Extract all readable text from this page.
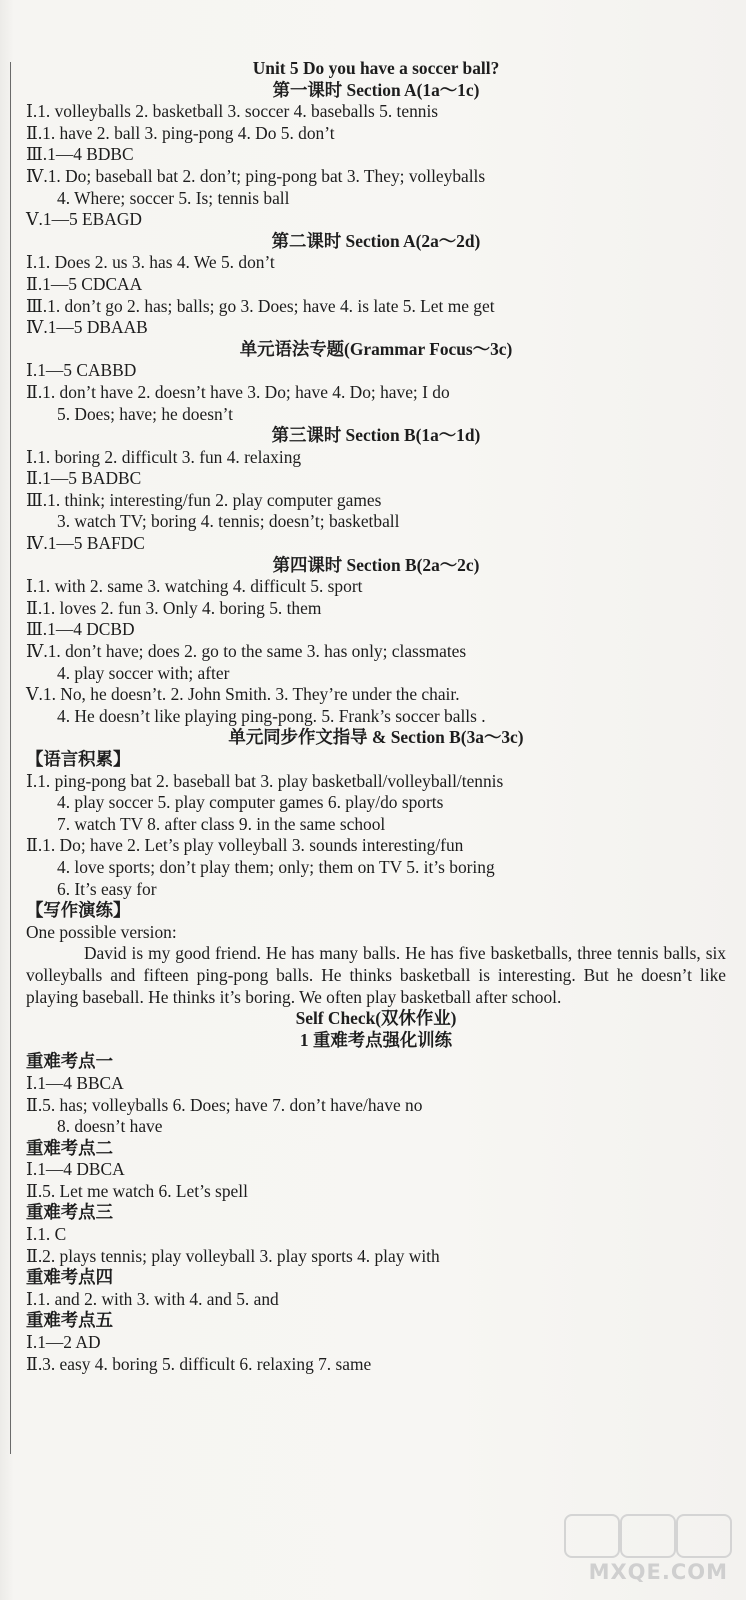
Unit 5 Do you have a soccer ball?
第一课时 Section A(1a～1c)
Ⅰ.1. volleyballs 2. basketball 3. soccer 4. baseballs 5. tennis
Ⅱ.1. have 2. ball 3. ping-pong 4. Do 5. don’t
Ⅲ.1—4 BDBC
Ⅳ.1. Do; baseball bat 2. don’t; ping-pong bat 3. They; volleyballs
4. Where; soccer 5. Is; tennis ball
Ⅴ.1—5 EBAGD
第二课时 Section A(2a～2d)
Ⅰ.1. Does 2. us 3. has 4. We 5. don’t
Ⅱ.1—5 CDCAA
Ⅲ.1. don’t go 2. has; balls; go 3. Does; have 4. is late 5. Let me get
Ⅳ.1—5 DBAAB
单元语法专题(Grammar Focus～3c)
Ⅰ.1—5 CABBD
Ⅱ.1. don’t have 2. doesn’t have 3. Do; have 4. Do; have; I do
5. Does; have; he doesn’t
第三课时 Section B(1a～1d)
Ⅰ.1. boring 2. difficult 3. fun 4. relaxing
Ⅱ.1—5 BADBC
Ⅲ.1. think; interesting/fun 2. play computer games
3. watch TV; boring 4. tennis; doesn’t; basketball
Ⅳ.1—5 BAFDC
第四课时 Section B(2a～2c)
Ⅰ.1. with 2. same 3. watching 4. difficult 5. sport
Ⅱ.1. loves 2. fun 3. Only 4. boring 5. them
Ⅲ.1—4 DCBD
Ⅳ.1. don’t have; does 2. go to the same 3. has only; classmates
4. play soccer with; after
Ⅴ.1. No, he doesn’t. 2. John Smith. 3. They’re under the chair.
4. He doesn’t like playing ping-pong. 5. Frank’s soccer balls .
单元同步作文指导 & Section B(3a～3c)
【语言积累】
Ⅰ.1. ping-pong bat 2. baseball bat 3. play basketball/volleyball/tennis
4. play soccer 5. play computer games 6. play/do sports
7. watch TV 8. after class 9. in the same school
Ⅱ.1. Do; have 2. Let’s play volleyball 3. sounds interesting/fun
4. love sports; don’t play them; only; them on TV 5. it’s boring
6. It’s easy for
【写作演练】
One possible version:
David is my good friend. He has many balls. He has five basketballs, three tennis balls, six volleyballs and fifteen ping-pong balls. He thinks basketball is interesting. But he doesn’t like playing baseball. He thinks it’s boring. We often play basketball after school.
Self Check(双休作业)
1 重难考点强化训练
重难考点一
Ⅰ.1—4 BBCA
Ⅱ.5. has; volleyballs 6. Does; have 7. don’t have/have no
8. doesn’t have
重难考点二
Ⅰ.1—4 DBCA
Ⅱ.5. Let me watch 6. Let’s spell
重难考点三
Ⅰ.1. C
Ⅱ.2. plays tennis; play volleyball 3. play sports 4. play with
重难考点四
Ⅰ.1. and 2. with 3. with 4. and 5. and
重难考点五
Ⅰ.1—2 AD
Ⅱ.3. easy 4. boring 5. difficult 6. relaxing 7. same
MXQE.COM
